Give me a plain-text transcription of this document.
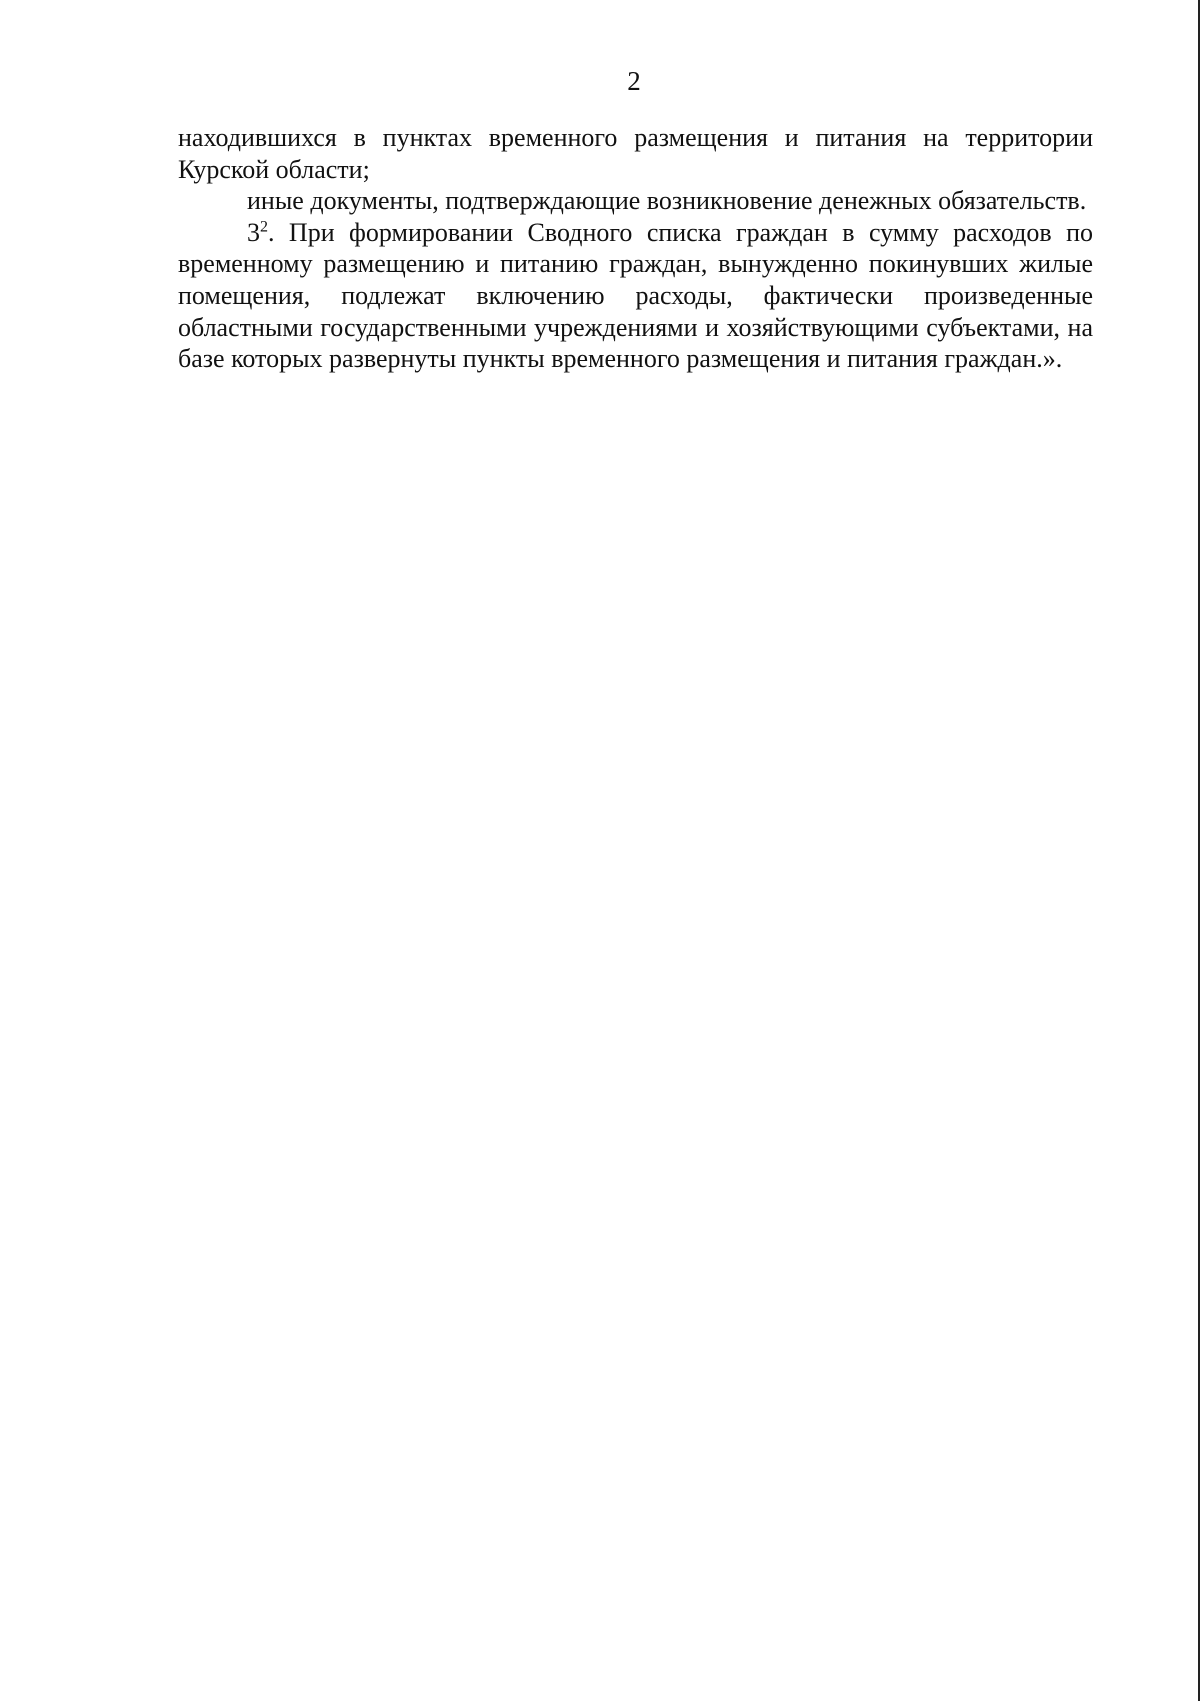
2

находившихся в пунктах временного размещения и питания на территории Курской области;

иные документы, подтверждающие возникновение денежных обязательств.

$3^2$. При формировании Сводного списка граждан в сумму расходов по временному размещению и питанию граждан, вынужденно покинувших жилые помещения, подлежат включению расходы, фактически произведенные областными государственными учреждениями и хозяйствующими субъектами, на базе которых развернуты пункты временного размещения и питания граждан.».
